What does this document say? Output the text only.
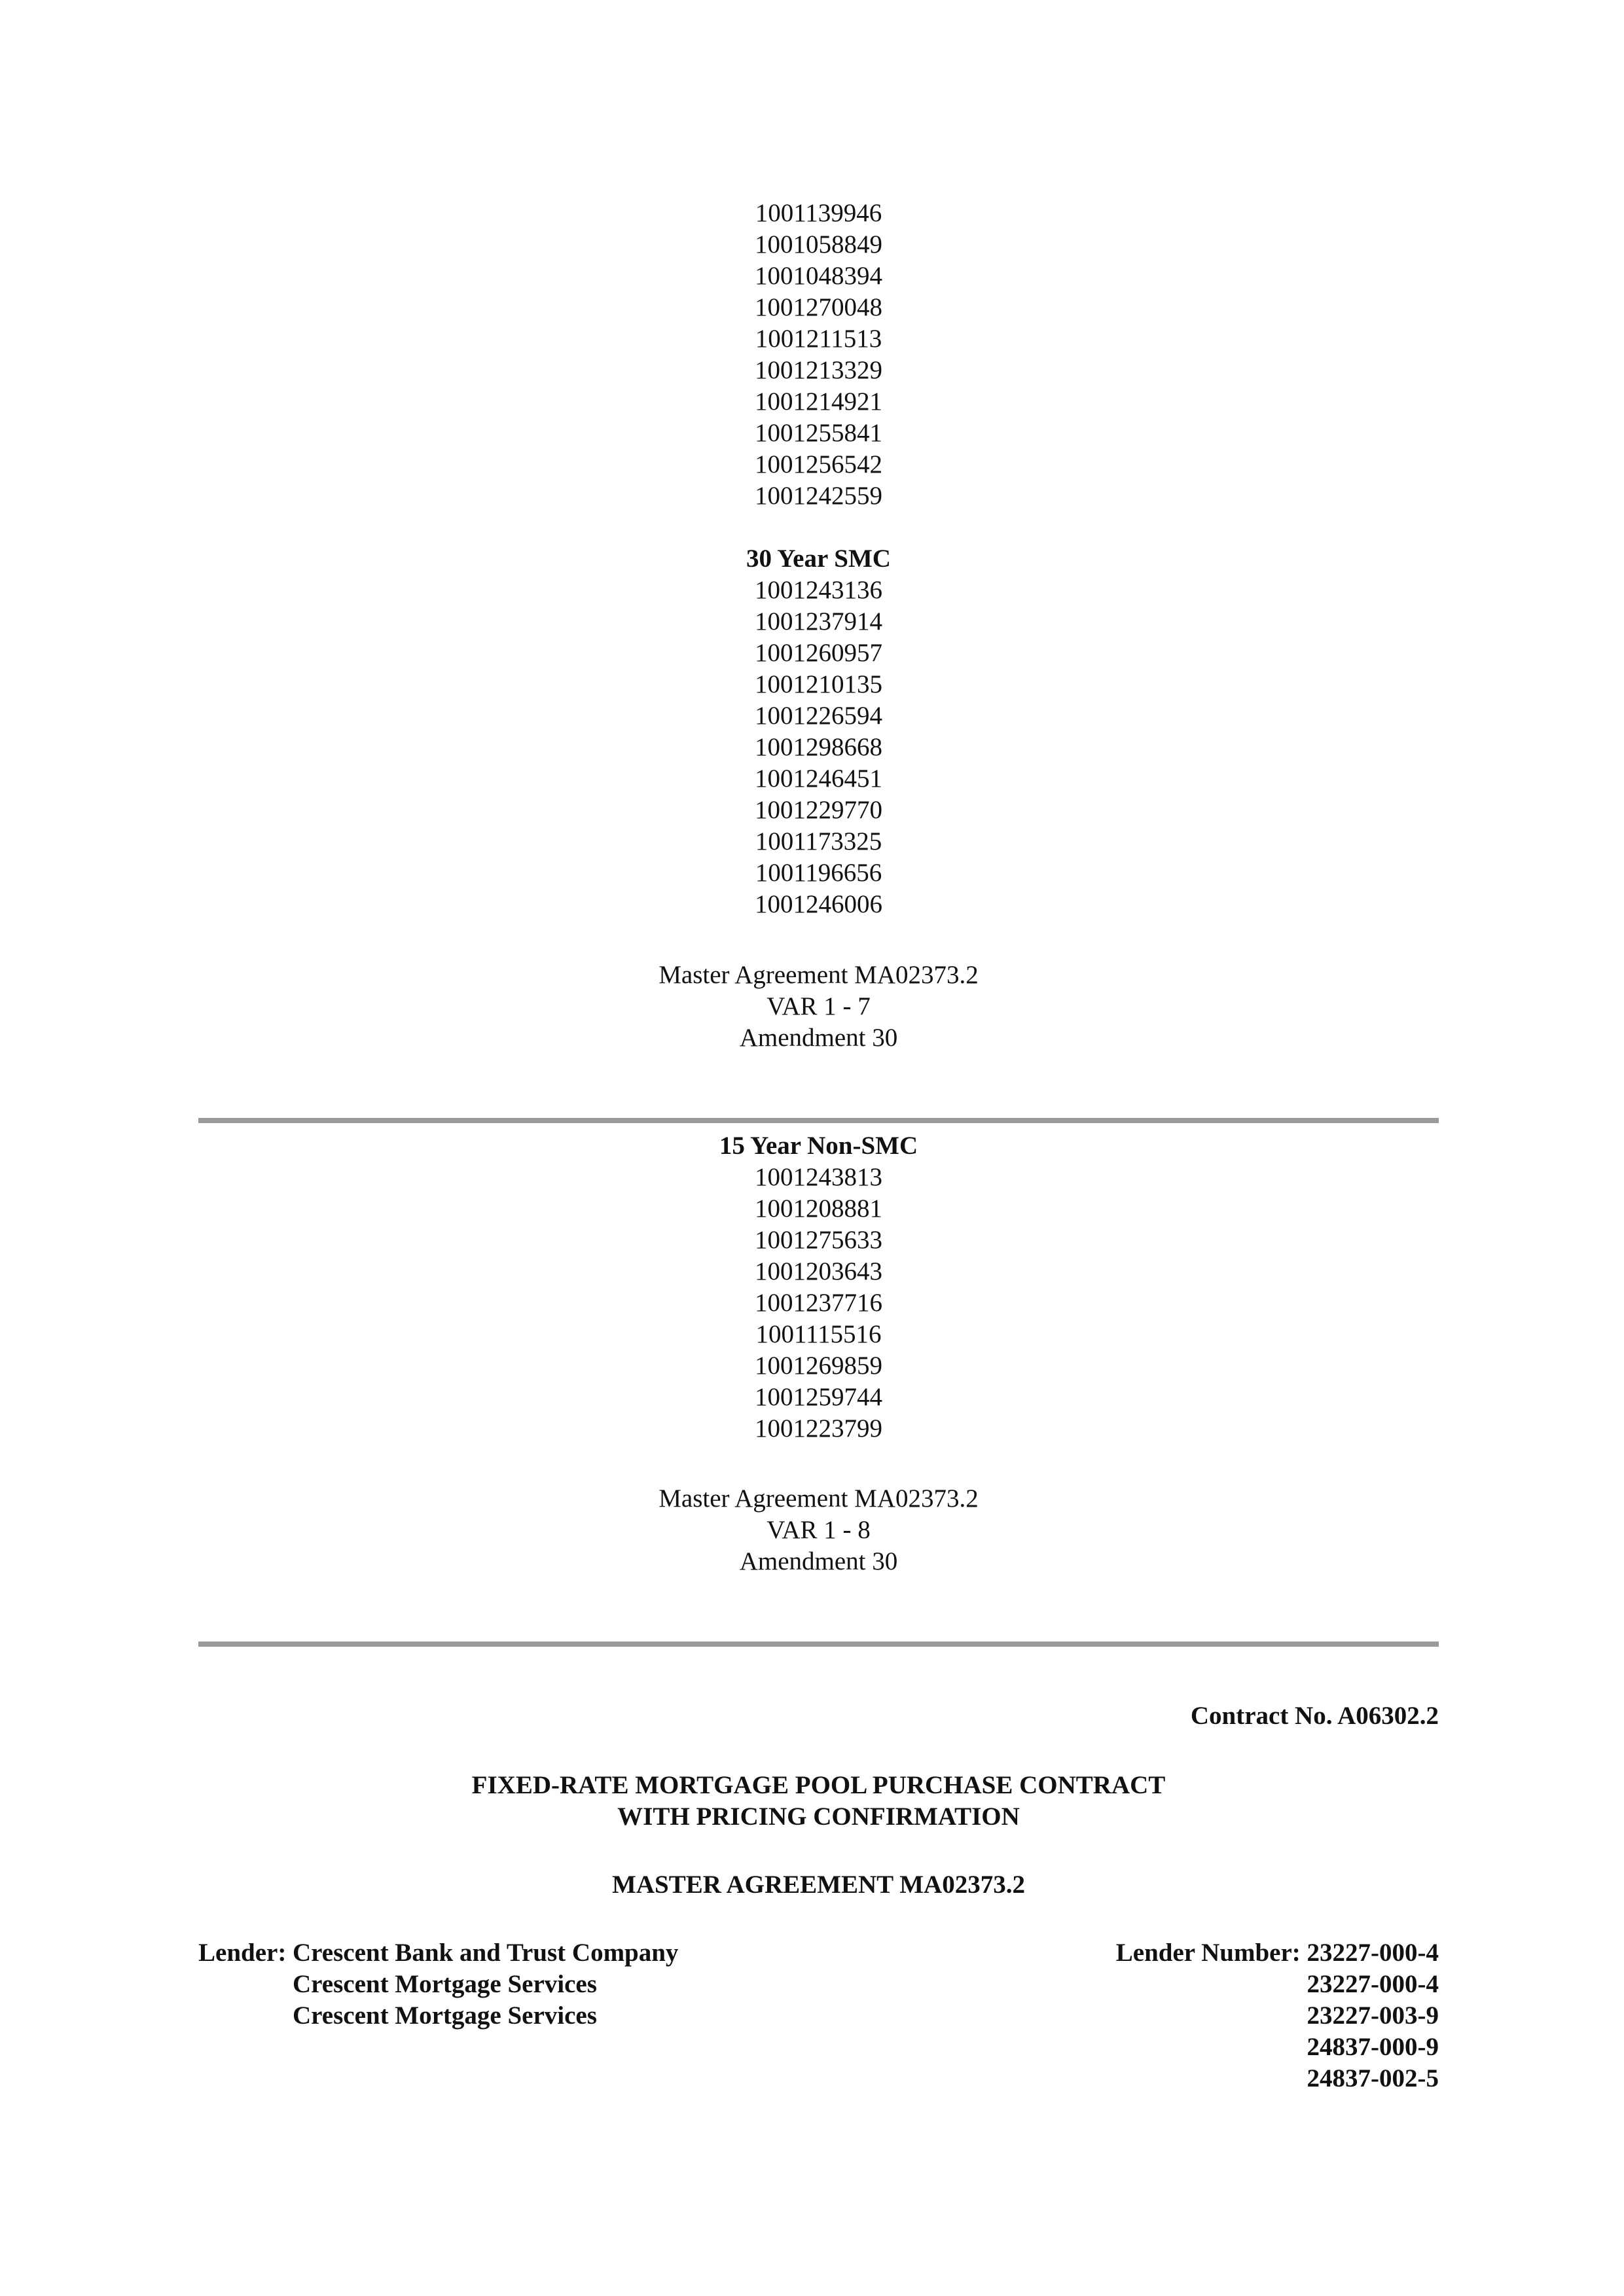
1001139946
1001058849
1001048394
1001270048
1001211513
1001213329
1001214921
1001255841
1001256542
1001242559
30 Year SMC
1001243136
1001237914
1001260957
1001210135
1001226594
1001298668
1001246451
1001229770
1001173325
1001196656
1001246006
Master Agreement MA02373.2
VAR 1 - 7
Amendment 30
15 Year Non-SMC
1001243813
1001208881
1001275633
1001203643
1001237716
1001115516
1001269859
1001259744
1001223799
Master Agreement MA02373.2
VAR 1 - 8
Amendment 30
Contract No. A06302.2
FIXED-RATE MORTGAGE POOL PURCHASE CONTRACT
WITH PRICING CONFIRMATION
MASTER AGREEMENT MA02373.2
Lender: Crescent Bank and Trust Company
Crescent Mortgage Services
Crescent Mortgage Services
Lender Number: 23227-000-4
23227-000-4
23227-003-9
24837-000-9
24837-002-5
